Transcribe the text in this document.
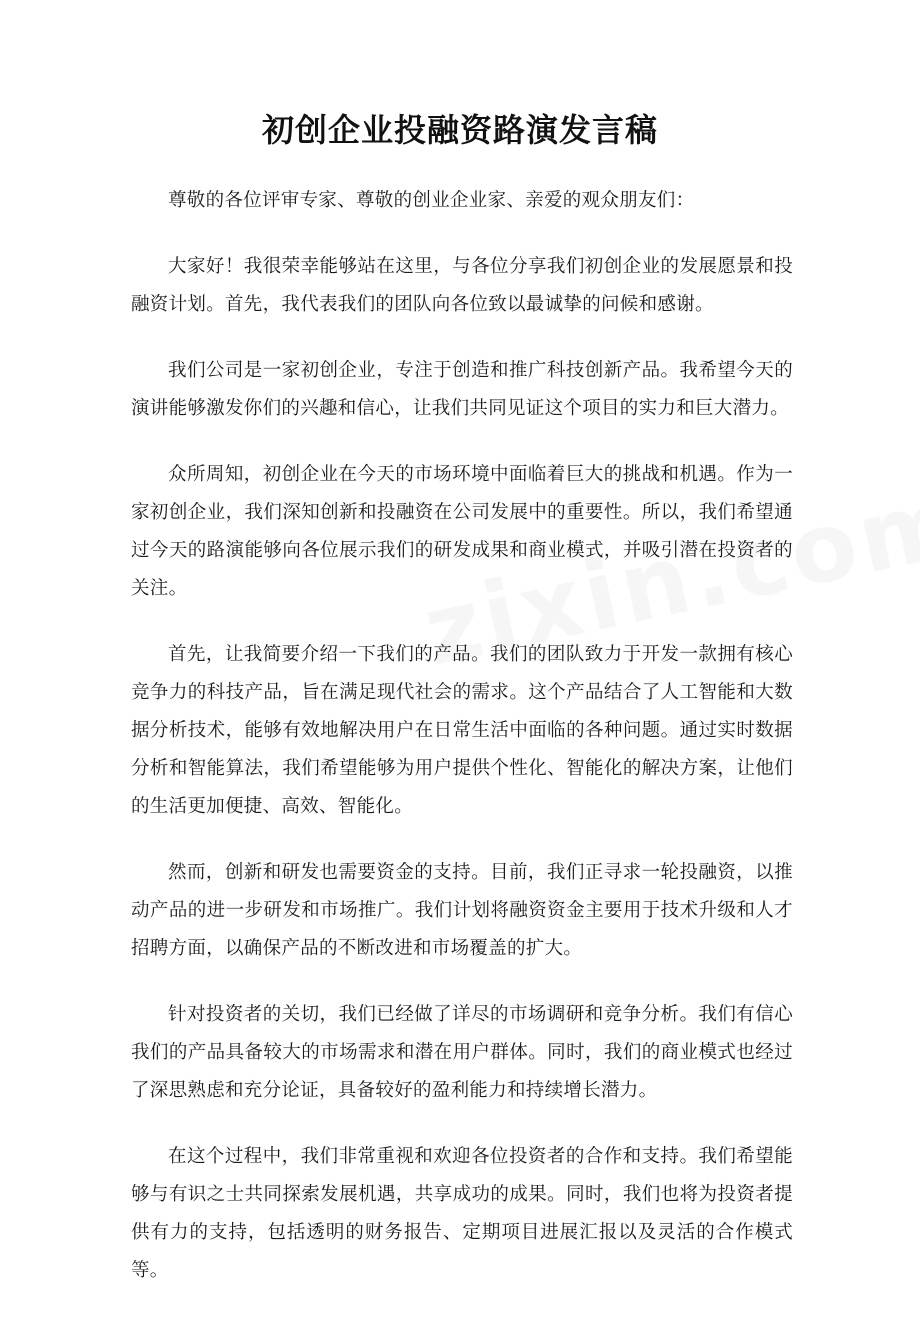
初创企业投融资路演发言稿

尊敬的各位评审专家、尊敬的创业企业家、亲爱的观众朋友们：

大家好！我很荣幸能够站在这里，与各位分享我们初创企业的发展愿景和投融资计划。首先，我代表我们的团队向各位致以最诚挚的问候和感谢。

我们公司是一家初创企业，专注于创造和推广科技创新产品。我希望今天的演讲能够激发你们的兴趣和信心，让我们共同见证这个项目的实力和巨大潜力。

众所周知，初创企业在今天的市场环境中面临着巨大的挑战和机遇。作为一家初创企业，我们深知创新和投融资在公司发展中的重要性。所以，我们希望通过今天的路演能够向各位展示我们的研发成果和商业模式，并吸引潜在投资者的关注。

首先，让我简要介绍一下我们的产品。我们的团队致力于开发一款拥有核心竞争力的科技产品，旨在满足现代社会的需求。这个产品结合了人工智能和大数据分析技术，能够有效地解决用户在日常生活中面临的各种问题。通过实时数据分析和智能算法，我们希望能够为用户提供个性化、智能化的解决方案，让他们的生活更加便捷、高效、智能化。

然而，创新和研发也需要资金的支持。目前，我们正寻求一轮投融资，以推动产品的进一步研发和市场推广。我们计划将融资资金主要用于技术升级和人才招聘方面，以确保产品的不断改进和市场覆盖的扩大。

针对投资者的关切，我们已经做了详尽的市场调研和竞争分析。我们有信心我们的产品具备较大的市场需求和潜在用户群体。同时，我们的商业模式也经过了深思熟虑和充分论证，具备较好的盈利能力和持续增长潜力。

在这个过程中，我们非常重视和欢迎各位投资者的合作和支持。我们希望能够与有识之士共同探索发展机遇，共享成功的成果。同时，我们也将为投资者提供有力的支持，包括透明的财务报告、定期项目进展汇报以及灵活的合作模式等。
